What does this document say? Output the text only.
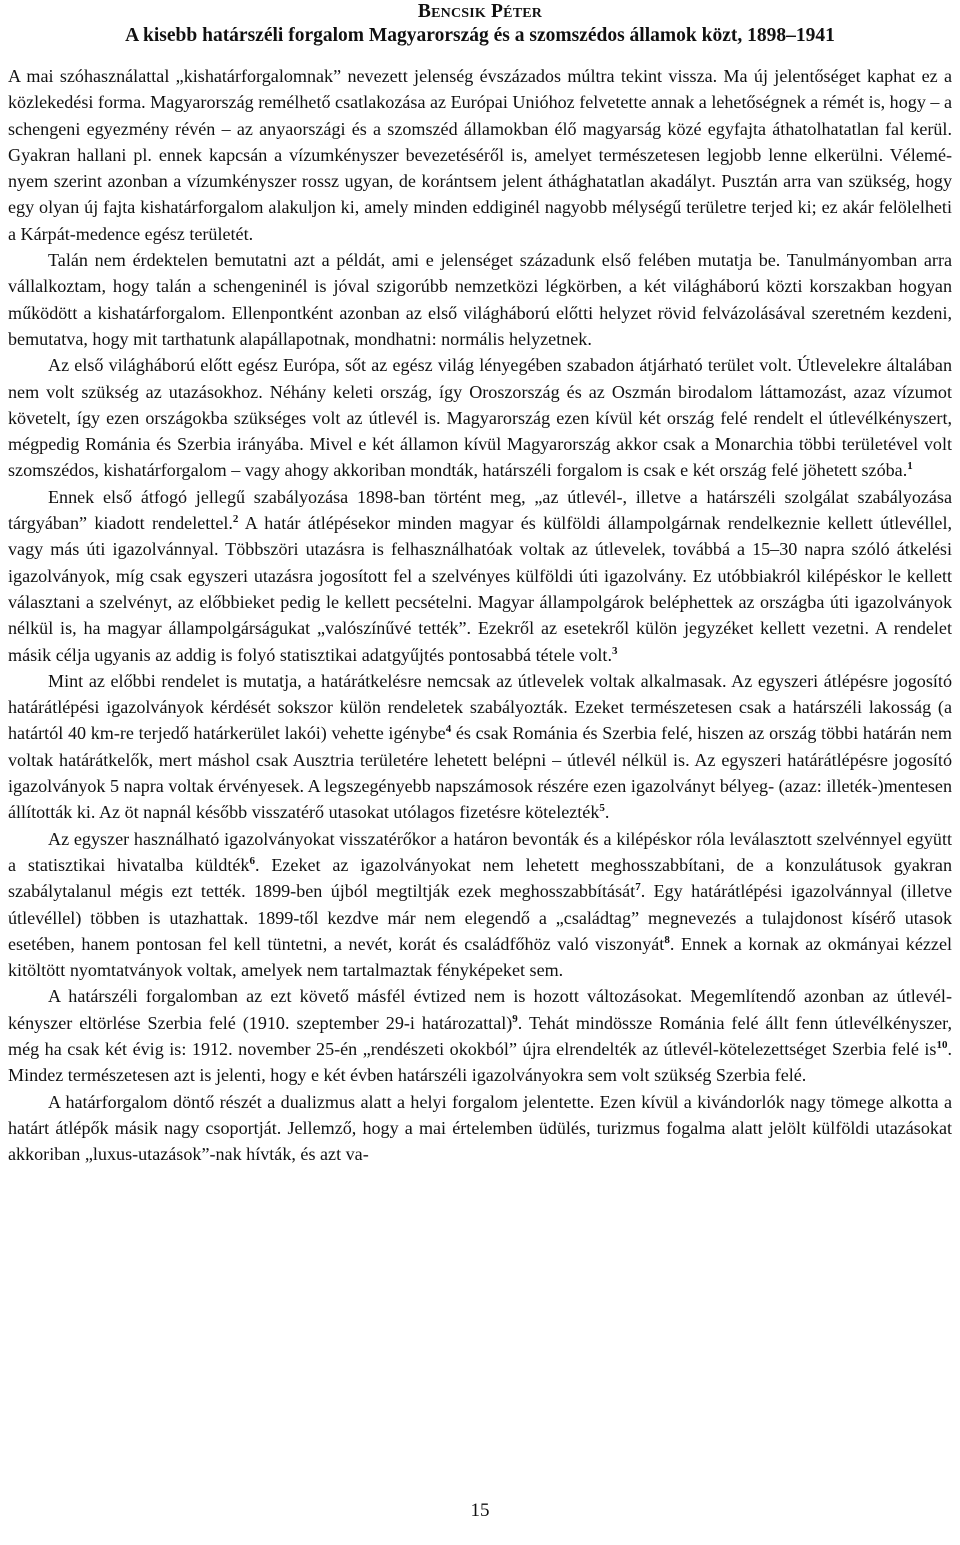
Bencsik Péter
A kisebb határszéli forgalom Magyarország és a szomszédos államok közt, 1898–1941

A mai szóhasználattal „kishatárforgalomnak” nevezett jelenség évszázados múltra tekint vissza. Ma új jelentőséget kaphat ez a közlekedési forma. Magyarország remélhető csatlakozása az Európai Unióhoz felvetette annak a lehetőségnek a rémét is, hogy – a schengeni egyezmény révén – az anyaországi és a szomszéd államokban élő magyarság közé egyfajta áthatolhatatlan fal kerül. Gyakran hallani pl. ennek kapcsán a vízumkényszer bevezetéséről is, amelyet természetesen legjobb lenne elkerülni. Véleményem szerint azonban a vízumkényszer rossz ugyan, de korántsem jelent áthághatatlan akadályt. Pusztán arra van szükség, hogy egy olyan új fajta kishatárforgalom alakuljon ki, amely minden eddiginél nagyobb mélységű területre terjed ki; ez akár felölelheti a Kárpát-medence egész területét.

Talán nem érdektelen bemutatni azt a példát, ami e jelenséget századunk első felében mutatja be. Tanulmányomban arra vállalkoztam, hogy talán a schengeninél is jóval szigorúbb nemzetközi légkörben, a két világháború közti korszakban hogyan működött a kishatárforgalom. Ellenpontként azonban az első világháború előtti helyzet rövid felvázolásával szeretném kezdeni, bemutatva, hogy mit tarthatunk alapállapotnak, mondhatni: normális helyzetnek.

Az első világháború előtt egész Európa, sőt az egész világ lényegében szabadon átjárható terület volt. Útlevelekre általában nem volt szükség az utazásokhoz. Néhány keleti ország, így Oroszország és az Oszmán birodalom láttamozást, azaz vízumot követelt, így ezen országokba szükséges volt az útlevél is. Magyarország ezen kívül két ország felé rendelt el útlevélkényszert, mégpedig Románia és Szerbia irányába. Mivel e két államon kívül Magyarország akkor csak a Monarchia többi területével volt szomszédos, kishatárforgalom – vagy ahogy akkoriban mondták, határszéli forgalom is csak e két ország felé jöhetett szóba.$^1$

Ennek első átfogó jellegű szabályozása 1898-ban történt meg, „az útlevél-, illetve a határszéli szolgálat szabályozása tárgyában” kiadott rendelettel.$^2$ A határ átlépésekor minden magyar és külföldi állampolgárnak rendelkeznie kellett útlevéllel, vagy más úti igazolvánnyal. Többszöri utazásra is felhasználhatóak voltak az útlevelek, továbbá a 15–30 napra szóló átkelési igazolványok, míg csak egyszeri utazásra jogosított fel a szelvényes külföldi úti igazolvány. Ez utóbbiakról kilépéskor le kellett választani a szelvényt, az előbbieket pedig le kellett pecsételni. Magyar állampolgárok beléphettek az országba úti igazolványok nélkül is, ha magyar állampolgárságukat „valószínűvé tették”. Ezekről az esetekről külön jegyzéket kellett vezetni. A rendelet másik célja ugyanis az addig is folyó statisztikai adatgyűjtés pontosabbá tétele volt.$^3$

Mint az előbbi rendelet is mutatja, a határátkelésre nemcsak az útlevelek voltak alkalmasak. Az egyszeri átlépésre jogosító határátlépési igazolványok kérdését sokszor külön rendeletek szabályozták. Ezeket természetesen csak a határszéli lakosság (a határtól 40 km-re terjedő határkerület lakói) vehette igénybe$^4$ és csak Románia és Szerbia felé, hiszen az ország többi határán nem voltak határátkelők, mert máshol csak Ausztria területére lehetett belépni – útlevél nélkül is. Az egyszeri határátlépésre jogosító igazolványok 5 napra voltak érvényesek. A legszegényebb napszámosok részére ezen igazolványt bélyeg- (azaz: illeték-)mentesen állították ki. Az öt napnál később visszatérő utasokat utólagos fizetésre kötelezték$^5$.

Az egyszer használható igazolványokat visszatérőkor a határon bevonták és a kilépéskor róla leválasztott szelvénnyel együtt a statisztikai hivatalba küldték$^6$. Ezeket az igazolványokat nem lehetett meghosszabbítani, de a konzulátusok gyakran szabálytalanul mégis ezt tették. 1899-ben újból megtiltják ezek meghosszabbítását$^7$. Egy határátlépési igazolvánnyal (illetve útlevéllel) többen is utazhattak. 1899-től kezdve már nem elegendő a „családtag” megnevezés a tulajdonost kísérő utasok esetében, hanem pontosan fel kell tüntetni, a nevét, korát és családfőhöz való viszonyát$^8$. Ennek a kornak az okmányai kézzel kitöltött nyomtatványok voltak, amelyek nem tartalmaztak fényképeket sem.

A határszéli forgalomban az ezt követő másfél évtized nem is hozott változásokat. Megemlítendő azonban az útlevél-kényszer eltörlése Szerbia felé (1910. szeptember 29-i határozattal)$^9$. Tehát mindössze Románia felé állt fenn útlevélkényszer, még ha csak két évig is: 1912. november 25-én „rendészeti okokból” újra elrendelték az útlevél-kötelezettséget Szerbia felé $is^{10}$. Mindez természetesen azt is jelenti, hogy e két évben határszéli igazolványokra sem volt szükség Szerbia felé.

A határforgalom döntő részét a dualizmus alatt a helyi forgalom jelentette. Ezen kívül a kivándorlók nagy tömege alkotta a határt átlépők másik nagy csoportját. Jellemző, hogy a mai értelemben üdülés, turizmus fogalma alatt jelölt külföldi utazásokat akkoriban „luxus-utazások”-nak hívták, és azt va-

15
